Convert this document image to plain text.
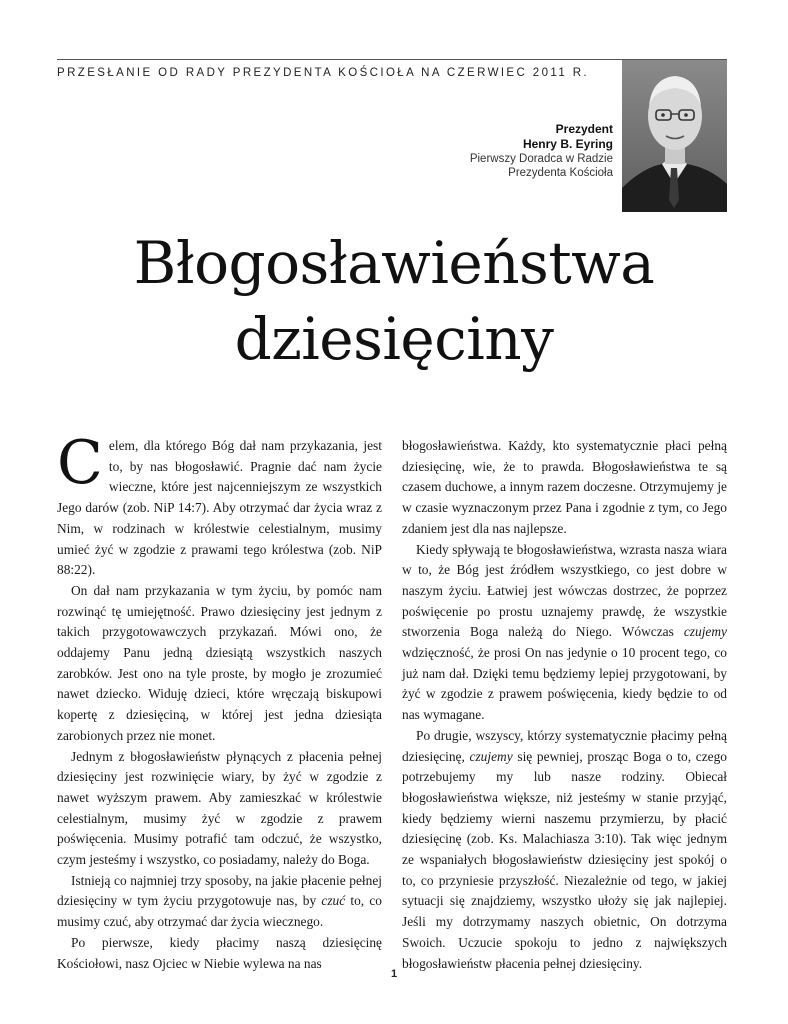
PRZESŁANIE OD RADY PREZYDENTA KOŚCIOŁA NA CZERWIEC 2011 R.
Prezydent
Henry B. Eyring
Pierwszy Doradca w Radzie
Prezydenta Kościoła
Błogosławieństwa
dziesięciny

Celem, dla którego Bóg dał nam przykazania, jest to, by nas błogosławić. Pragnie dać nam życie wieczne, które jest najcenniejszym ze wszystkich Jego darów (zob. NiP 14:7). Aby otrzymać dar życia wraz z Nim, w rodzinach w królestwie celestialnym, musimy umieć żyć w zgodzie z prawami tego królestwa (zob. NiP 88:22).

On dał nam przykazania w tym życiu, by pomóc nam rozwinąć tę umiejętność. Prawo dziesięciny jest jednym z takich przygotowawczych przykazań. Mówi ono, że oddajemy Panu jedną dziesiątą wszystkich naszych zarobków. Jest ono na tyle proste, by mogło je zrozumieć nawet dziecko. Widuję dzieci, które wręczają biskupowi kopertę z dziesięciną, w której jest jedna dziesiąta zarobionych przez nie monet.

Jednym z błogosławieństw płynących z płacenia pełnej dziesięciny jest rozwinięcie wiary, by żyć w zgodzie z nawet wyższym prawem. Aby zamieszkać w królestwie celestialnym, musimy żyć w zgodzie z prawem poświęcenia. Musimy potrafić tam odczuć, że wszystko, czym jesteśmy i wszystko, co posiadamy, należy do Boga.

Istnieją co najmniej trzy sposoby, na jakie płacenie pełnej dziesięciny w tym życiu przygotowuje nas, by czuć to, co musimy czuć, aby otrzymać dar życia wiecznego.

Po pierwsze, kiedy płacimy naszą dziesięcinę Kościołowi, nasz Ojciec w Niebie wylewa na nas

błogosławieństwa. Każdy, kto systematycznie płaci pełną dziesięcinę, wie, że to prawda. Błogosławieństwa te są czasem duchowe, a innym razem doczesne. Otrzymujemy je w czasie wyznaczonym przez Pana i zgodnie z tym, co Jego zdaniem jest dla nas najlepsze.

Kiedy spływają te błogosławieństwa, wzrasta nasza wiara w to, że Bóg jest źródłem wszystkiego, co jest dobre w naszym życiu. Łatwiej jest wówczas dostrzec, że poprzez poświęcenie po prostu uznajemy prawdę, że wszystkie stworzenia Boga należą do Niego. Wówczas czujemy wdzięczność, że prosi On nas jedynie o 10 procent tego, co już nam dał. Dzięki temu będziemy lepiej przygotowani, by żyć w zgodzie z prawem poświęcenia, kiedy będzie to od nas wymagane.

Po drugie, wszyscy, którzy systematycznie płacimy pełną dziesięcinę, czujemy się pewniej, prosząc Boga o to, czego potrzebujemy my lub nasze rodziny. Obiecał błogosławieństwa większe, niż jesteśmy w stanie przyjąć, kiedy będziemy wierni naszemu przymierzu, by płacić dziesięcinę (zob. Ks. Malachiasza 3:10). Tak więc jednym ze wspaniałych błogosławieństw dziesięciny jest spokój o to, co przyniesie przyszłość. Niezależnie od tego, w jakiej sytuacji się znajdziemy, wszystko ułoży się jak najlepiej. Jeśli my dotrzymamy naszych obietnic, On dotrzyma Swoich. Uczucie spokoju to jedno z największych błogosławieństw płacenia pełnej dziesięciny.

1
